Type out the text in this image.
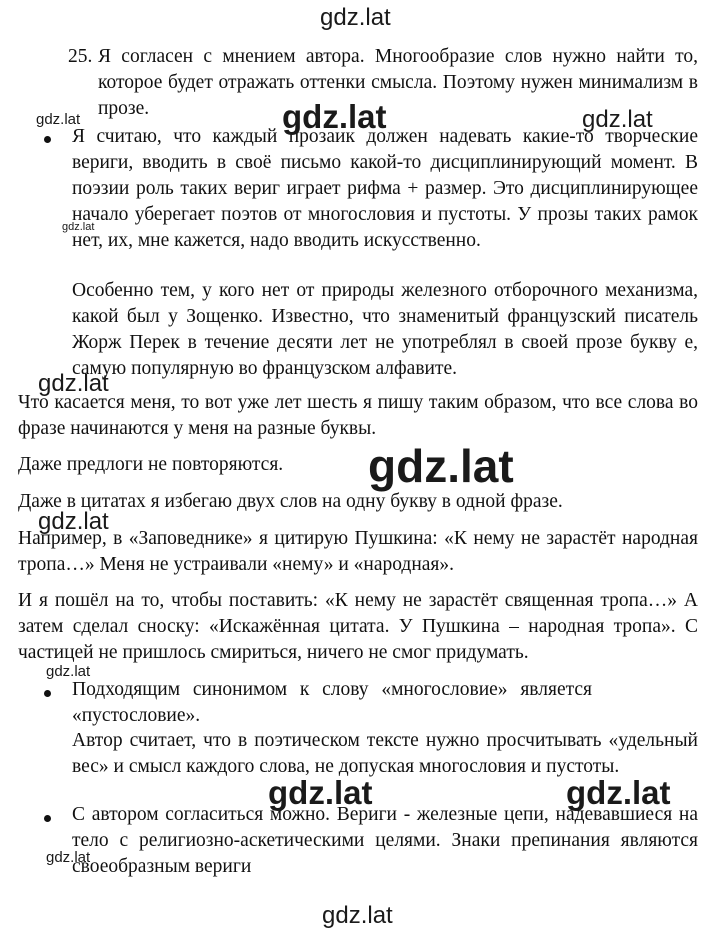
25. Я согласен с мнением автора. Многообразие слов нужно найти то, которое будет отражать оттенки смысла. Поэтому нужен минимализм в прозе.

Я считаю, что каждый прозаик должен надевать какие-то творческие вериги, вводить в своё письмо какой-то дисциплинирующий момент. В поэзии роль таких вериг играет рифма + размер. Это дисциплинирующее начало уберегает поэтов от многословия и пустоты. У прозы таких рамок нет, их, мне кажется, надо вводить искусственно.

Особенно тем, у кого нет от природы железного отборочного механизма, какой был у Зощенко. Известно, что знаменитый французский писатель Жорж Перек в течение десяти лет не употреблял в своей прозе букву е, самую популярную во французском алфавите.

Что касается меня, то вот уже лет шесть я пишу таким образом, что все слова во фразе начинаются у меня на разные буквы.

Даже предлоги не повторяются.

Даже в цитатах я избегаю двух слов на одну букву в одной фразе.

Например, в «Заповеднике» я цитирую Пушкина: «К нему не зарастёт народная тропа…» Меня не устраивали «нему» и «народная».

И я пошёл на то, чтобы поставить: «К нему не зарастёт священная тропа…» А затем сделал сноску: «Искажённая цитата. У Пушкина – народная тропа». С частицей не пришлось смириться, ничего не смог придумать.

Подходящим синонимом к слову «многословие» является «пустословие».

Автор считает, что в поэтическом тексте нужно просчитывать «удельный вес» и смысл каждого слова, не допуская многословия и пустоты.

С автором согласиться можно. Вериги - железные цепи, надевавшиеся на тело с религиозно-аскетическими целями. Знаки препинания являются своеобразным вериги

gdz.lat
gdz.lat	gdz.lat	gdz.lat
gdz.lat
gdz.lat
gdz.lat
gdz.lat
gdz.lat
gdz.lat	gdz.lat
gdz.lat
gdz.lat
